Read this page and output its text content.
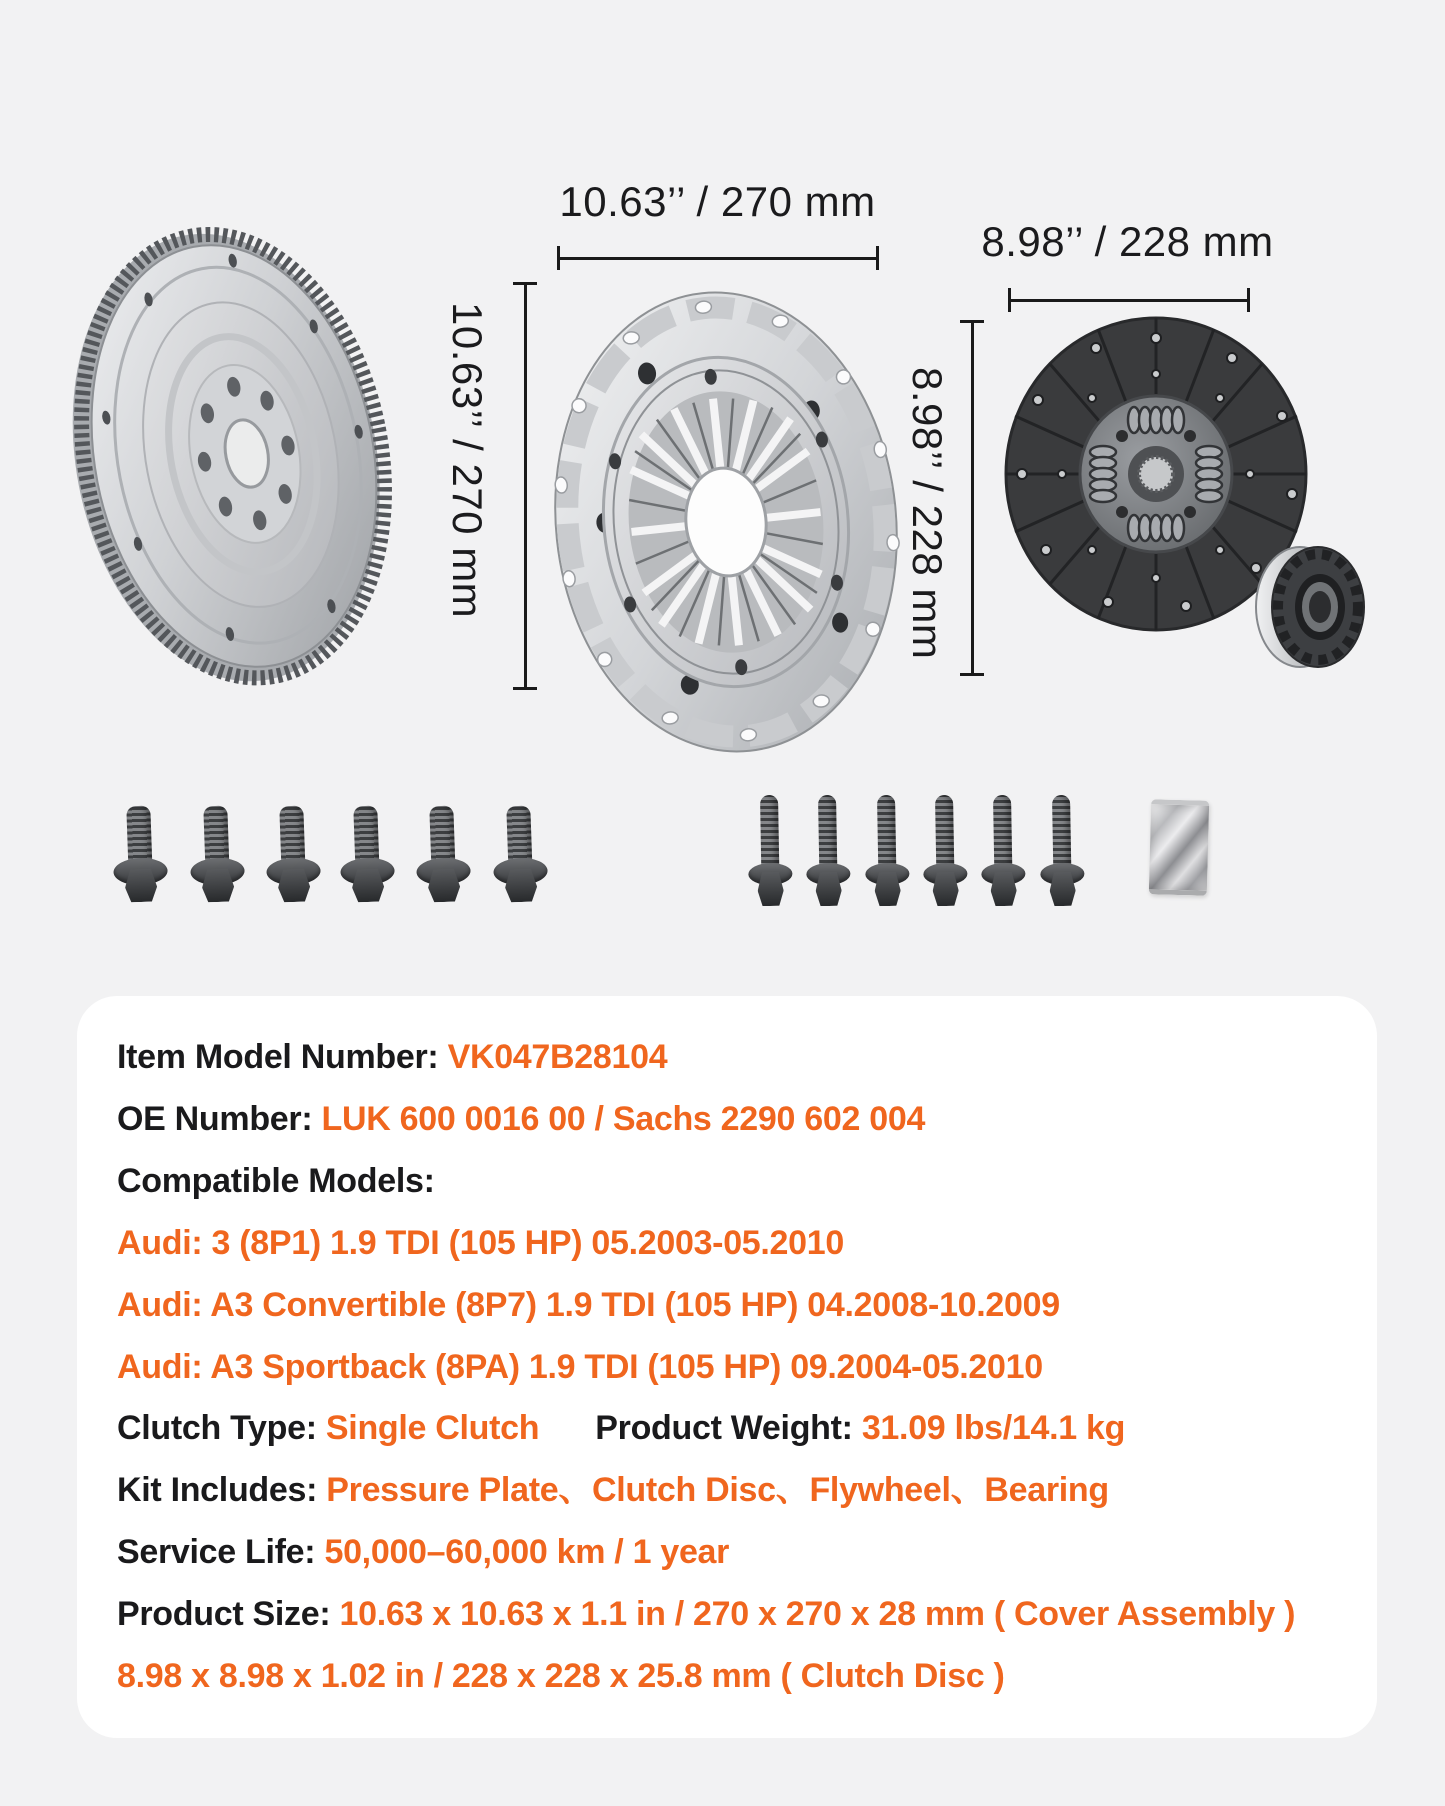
10.63’’ / 270 mm
10.63’’ / 270 mm
8.98’’ / 228 mm
8.98’’ / 228 mm
Item Model Number: VK047B28104
OE Number: LUK 600 0016 00 / Sachs 2290 602 004
Compatible Models:
Audi: 3 (8P1) 1.9 TDI (105 HP) 05.2003-05.2010
Audi: A3 Convertible (8P7) 1.9 TDI (105 HP) 04.2008-10.2009
Audi: A3 Sportback (8PA) 1.9 TDI (105 HP) 09.2004-05.2010
Clutch Type: Single Clutch Product Weight: 31.09 lbs/14.1 kg
Kit Includes: Pressure Plate、Clutch Disc、Flywheel、Bearing
Service Life: 50,000–60,000 km / 1 year
Product Size: 10.63 x 10.63 x 1.1 in / 270 x 270 x 28 mm ( Cover Assembly )
8.98 x 8.98 x 1.02 in / 228 x 228 x 25.8 mm ( Clutch Disc )
